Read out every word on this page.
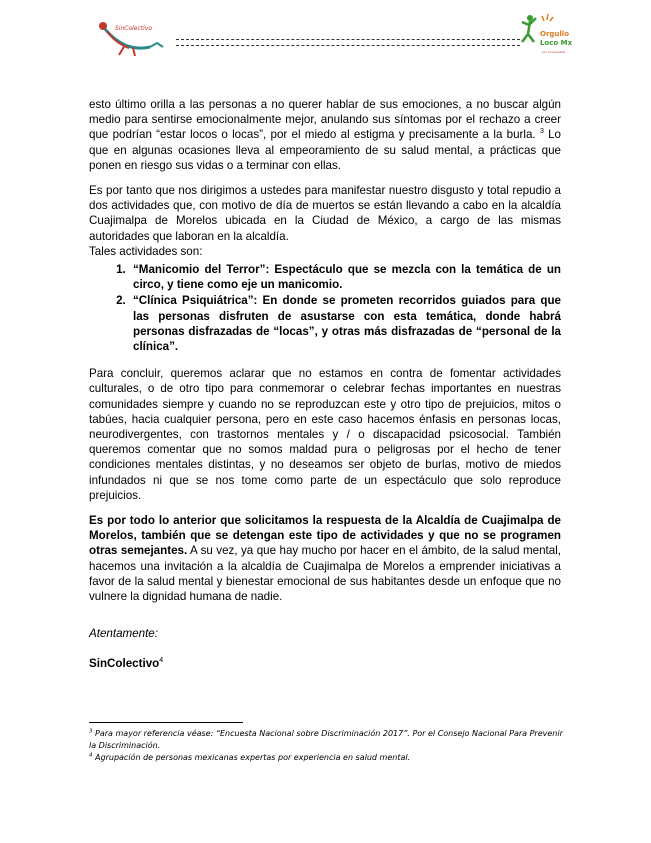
SinColectivo
Orgullo
Loco Mx
por el bienestar

esto último orilla a las personas a no querer hablar de sus emociones, a no buscar algún medio para sentirse emocionalmente mejor, anulando sus síntomas por el rechazo a creer que podrían “estar locos o locas”, por el miedo al estigma y precisamente a la burla. $^3$ Lo que en algunas ocasiones lleva al empeoramiento de su salud mental, a prácticas que ponen en riesgo sus vidas o a terminar con ellas.

Es por tanto que nos dirigimos a ustedes para manifestar nuestro disgusto y total repudio a dos actividades que, con motivo de día de muertos se están llevando a cabo en la alcaldía Cuajimalpa de Morelos ubicada en la Ciudad de México, a cargo de las mismas autoridades que laboran en la alcaldía.

Tales actividades son:

1. “Manicomio del Terror”: Espectáculo que se mezcla con la temática de un circo, y tiene como eje un manicomio.
2. “Clínica Psiquiátrica”: En donde se prometen recorridos guiados para que las personas disfruten de asustarse con esta temática, donde habrá personas disfrazadas de “locas”, y otras más disfrazadas de “personal de la clínica”.

Para concluir, queremos aclarar que no estamos en contra de fomentar actividades culturales, o de otro tipo para conmemorar o celebrar fechas importantes en nuestras comunidades siempre y cuando no se reproduzcan este y otro tipo de prejuicios, mitos o tabúes, hacia cualquier persona, pero en este caso hacemos énfasis en personas locas, neurodivergentes, con trastornos mentales y / o discapacidad psicosocial. También queremos comentar que no somos maldad pura o peligrosas por el hecho de tener condiciones mentales distintas, y no deseamos ser objeto de burlas, motivo de miedos infundados ni que se nos tome como parte de un espectáculo que solo reproduce prejuicios.

Es por todo lo anterior que solicitamos la respuesta de la Alcaldía de Cuajimalpa de Morelos, también que se detengan este tipo de actividades y que no se programen otras semejantes. A su vez, ya que hay mucho por hacer en el ámbito, de la salud mental, hacemos una invitación a la alcaldía de Cuajimalpa de Morelos a emprender iniciativas a favor de la salud mental y bienestar emocional de sus habitantes desde un enfoque que no vulnere la dignidad humana de nadie.

Atentamente:
SinColectivo$^4$
$^3$ Para mayor referencia véase: “Encuesta Nacional sobre Discriminación 2017”. Por el Consejo Nacional Para Prevenir la Discriminación.
$^4$ Agrupación de personas mexicanas expertas por experiencia en salud mental.
